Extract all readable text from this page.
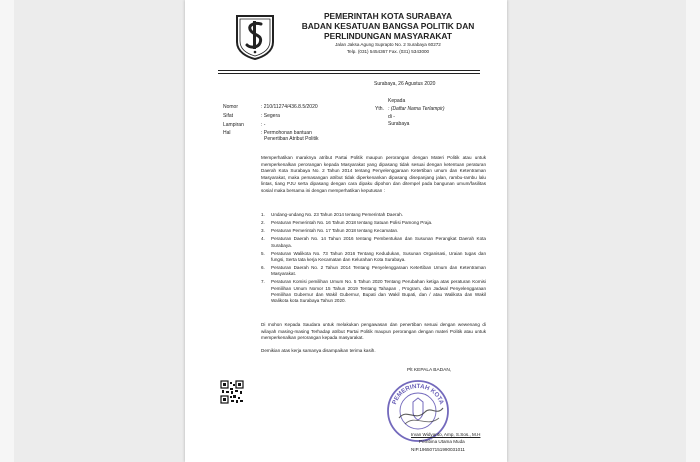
PEMERINTAH KOTA SURABAYA
BADAN KESATUAN BANGSA POLITIK DAN
PERLINDUNGAN MASYARAKAT
Jalan Jaksa Agung Suprapto No. 2 Surabaya 60272
Telp. (031) 5454367 Fax. (031) 5343000
Surabaya, 26 Agustus 2020
Kepada
Yth. : (Daftar Nama Terlampir)
di -
Surabaya
Nomor	: 210/11274/436.8.5/2020
Sifat	: Segera
Lampiran	: -
Hal	: Permohonan bantuan
Penertiban Atribut Politik
Memperhatikan maraknya atribut Partai Politik maupun perorangan dengan Materi Politik atau untuk memperkenalkan perorangan kepada Masyarakat yang dipasang tidak sesuai dengan ketentuan peraturan Daerah Kota Surabaya No. 2 Tahun 2014 tentang Penyelenggaraan Ketertiban umum dan Ketentraman Masyarakat, maka pemasangan atribut tidak diperkenankan dipasang disepanjang jalan, rambu-rambu lalu lintas, tiang PJU serta dipasang dengan cara dipaku dipohon dan ditempel pada bangunan umum/fasilitas sosial maka bersama ini dengan memperhatikan keputusan :
1. Undang-undang No. 23 Tahun 2014 tentang Pemerintah Daerah.
2. Peraturan Pemerintah No. 16 Tahun 2018 tentang Satuan Polisi Pamong Praja.
3. Peraturan Pemerintah No. 17 Tahun 2018 tentang Kecamatan.
4. Peraturan Daerah No. 14 Tahun 2016 tentang Pembentukan dan Susunan Perangkat Daerah Kota Surabaya.
5. Peraturan Walikota No. 73 Tahun 2016 Tentang Kedudukan, Susunan Organisasi, Uraian tugas dan fungsi, Serta tata kerja Kecamatan dan Kelurahan Kota Surabaya.
6. Peraturan Daerah No. 2 Tahun 2014 Tentang Penyelenggaraan Ketertiban Umum dan Ketentraman Masyarakat.
7. Peraturan Komisi pemilihan Umum No. 5 Tahun 2020 Tentang Perubahan ketiga atas peraturan Komisi Pemilihan Umum Nomor 15 Tahun 2019 Tentang Tahapan , Program, dan Jadwal Penyelenggaraan Pemilihan Gubernur dan Wakil Gubernur, Bupati dan Wakil Bupati, dan / atau Walikota dan Wakil Walikota kota Surabaya Tahun 2020.
Di mohon Kepada Saudara untuk melakukan pengawasan dan penertiban sesuai dengan wewenang di wilayah masing-masing Terhadap atribut Partai Politik maupun perorangan dengan materi Politik atau untuk memperkenalkan perorangan kepada masyarakat.
Demikian atas kerja samanya disampaikan terima kasih.
Plt KEPALA BADAN,
PEMERINTAH KOTA
Irvan Widyanto, Amp, S.Sos., M.H
Pembina Utama Muda
NIP.196507151990031011
